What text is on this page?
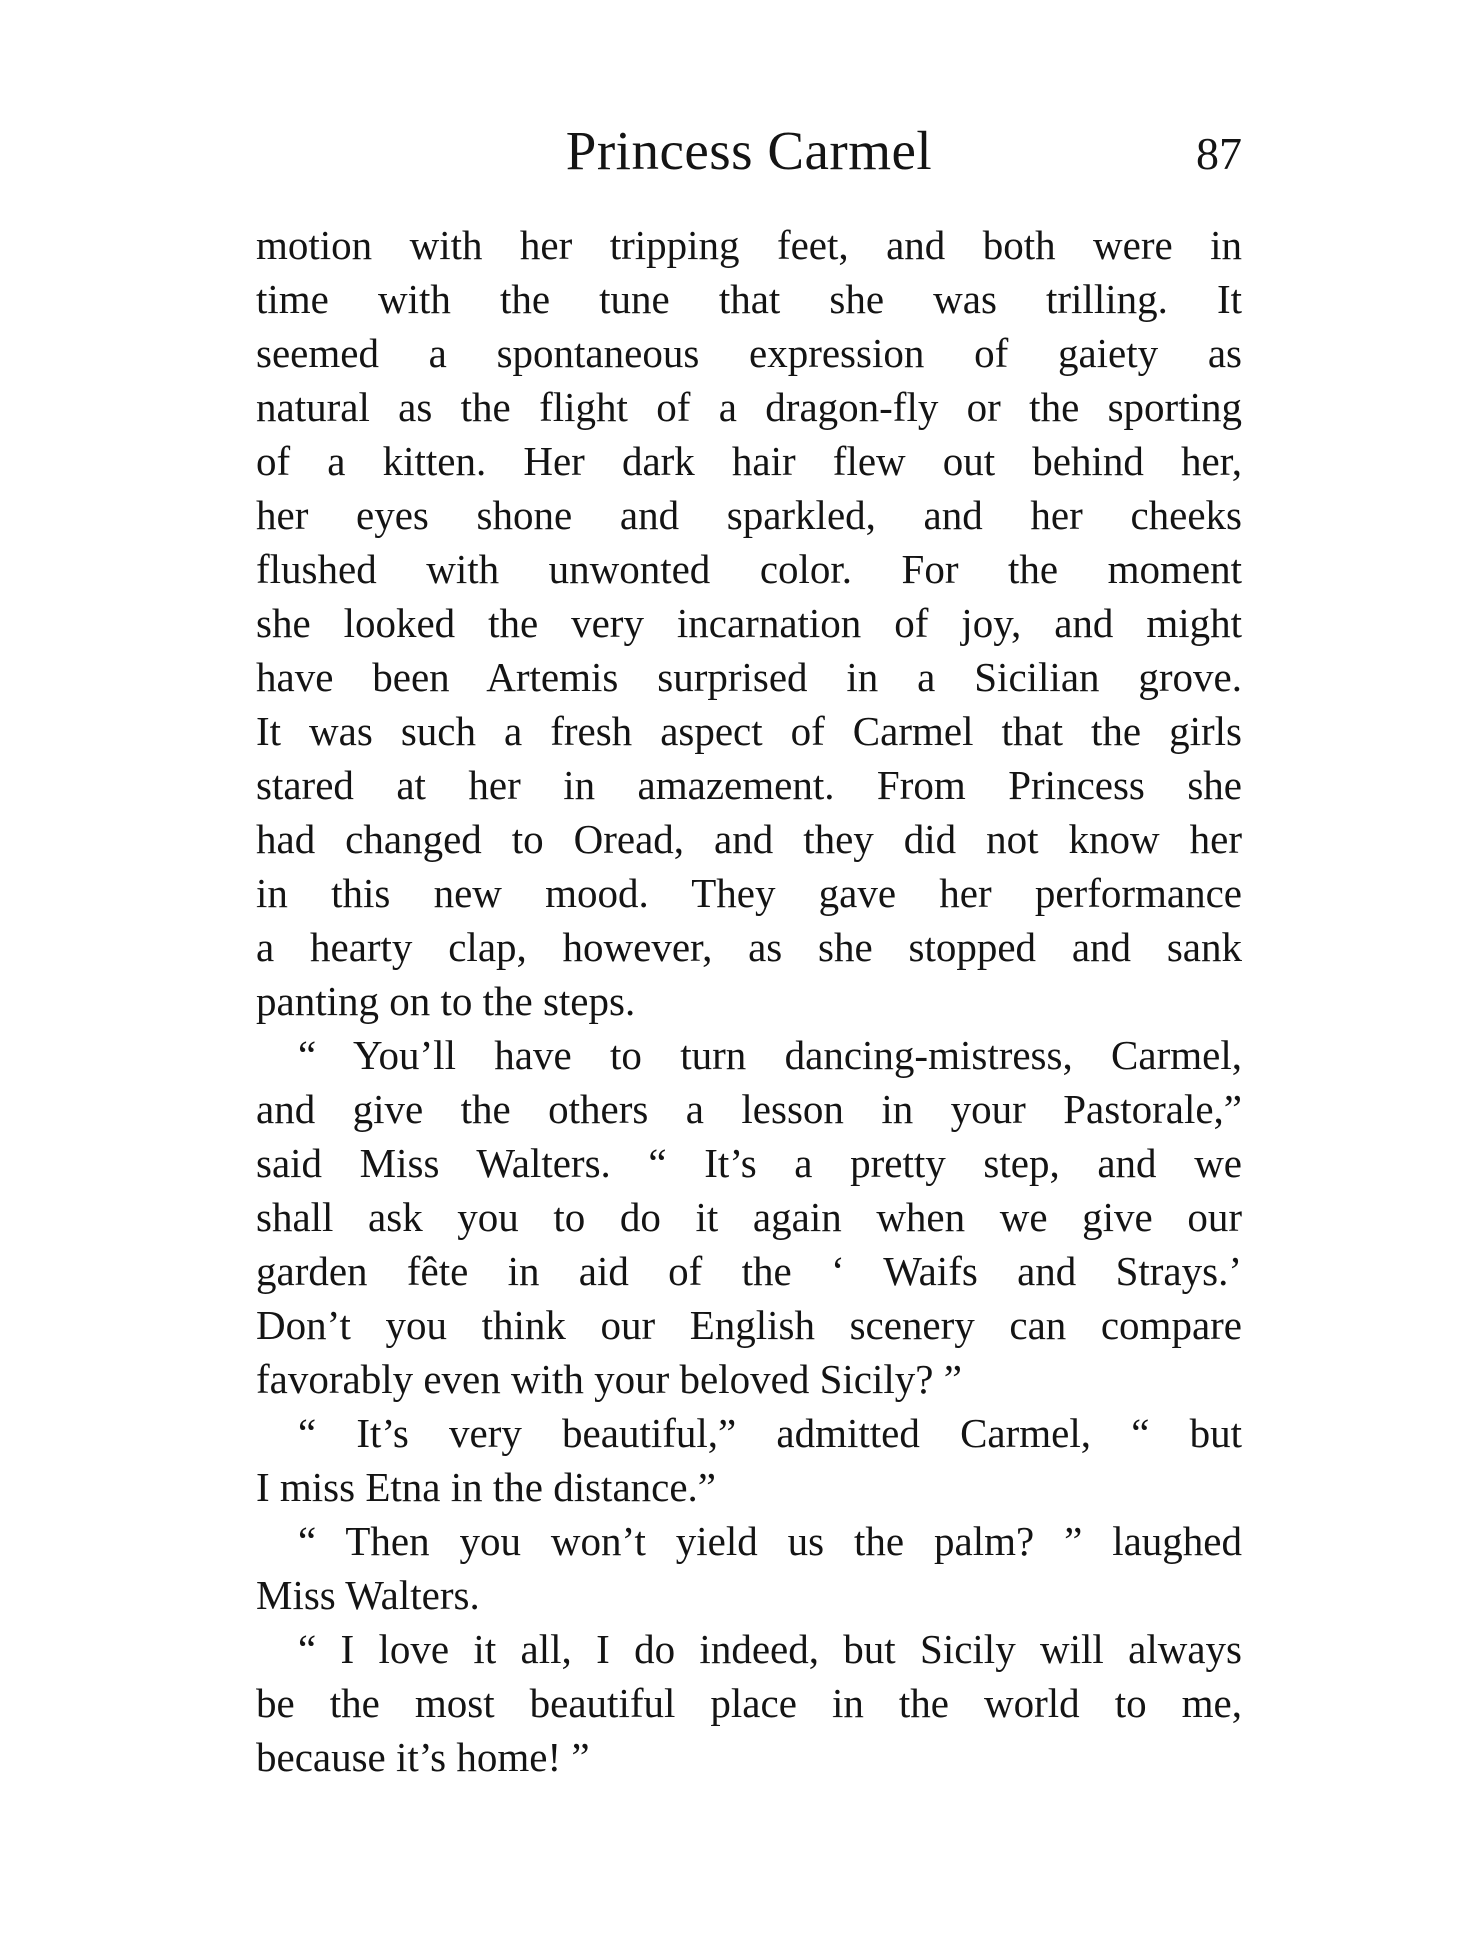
Princess Carmel	87
motion with her tripping feet, and both were in
time with the tune that she was trilling. It
seemed a spontaneous expression of gaiety as
natural as the flight of a dragon-fly or the sporting
of a kitten. Her dark hair flew out behind her,
her eyes shone and sparkled, and her cheeks
flushed with unwonted color. For the moment
she looked the very incarnation of joy, and might
have been Artemis surprised in a Sicilian grove.
It was such a fresh aspect of Carmel that the girls
stared at her in amazement. From Princess she
had changed to Oread, and they did not know her
in this new mood. They gave her performance
a hearty clap, however, as she stopped and sank
panting on to the steps.
“ You’ll have to turn dancing-mistress, Carmel,
and give the others a lesson in your Pastorale,”
said Miss Walters. “ It’s a pretty step, and we
shall ask you to do it again when we give our
garden fête in aid of the ‘ Waifs and Strays.’
Don’t you think our English scenery can compare
favorably even with your beloved Sicily? ”
“ It’s very beautiful,” admitted Carmel, “ but
I miss Etna in the distance.”
“ Then you won’t yield us the palm? ” laughed
Miss Walters.
“ I love it all, I do indeed, but Sicily will always
be the most beautiful place in the world to me,
because it’s home! ”
